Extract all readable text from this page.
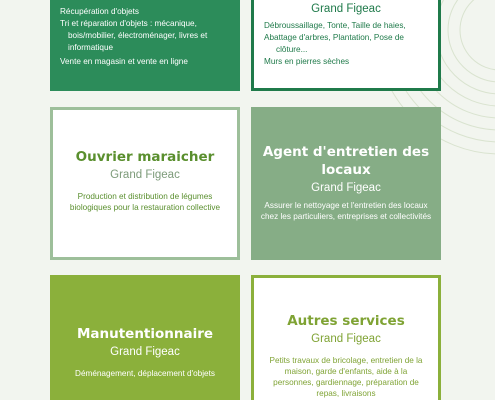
Récupération d'objets
Tri et réparation d'objets : mécanique,
bois/mobilier, électroménager, livres et
informatique
Vente en magasin et vente en ligne
Débroussaillage, Tonte, Taille de haies,
Abattage d'arbres, Plantation, Pose de
clôture...
Murs en pierres sèches
Grand Figeac
Ouvrier maraicher
Grand Figeac
Production et distribution de légumes biologiques pour la restauration collective
Agent d'entretien des
locaux
Grand Figeac
Assurer le nettoyage et l'entretien des locaux chez les particuliers, entreprises et collectivités
Manutentionnaire
Grand Figeac
Déménagement, déplacement d'objets
Autres services
Grand Figeac
Petits travaux de bricolage, entretien de la maison, garde d'enfants, aide à la personnes, gardiennage, préparation de repas, livraisons
